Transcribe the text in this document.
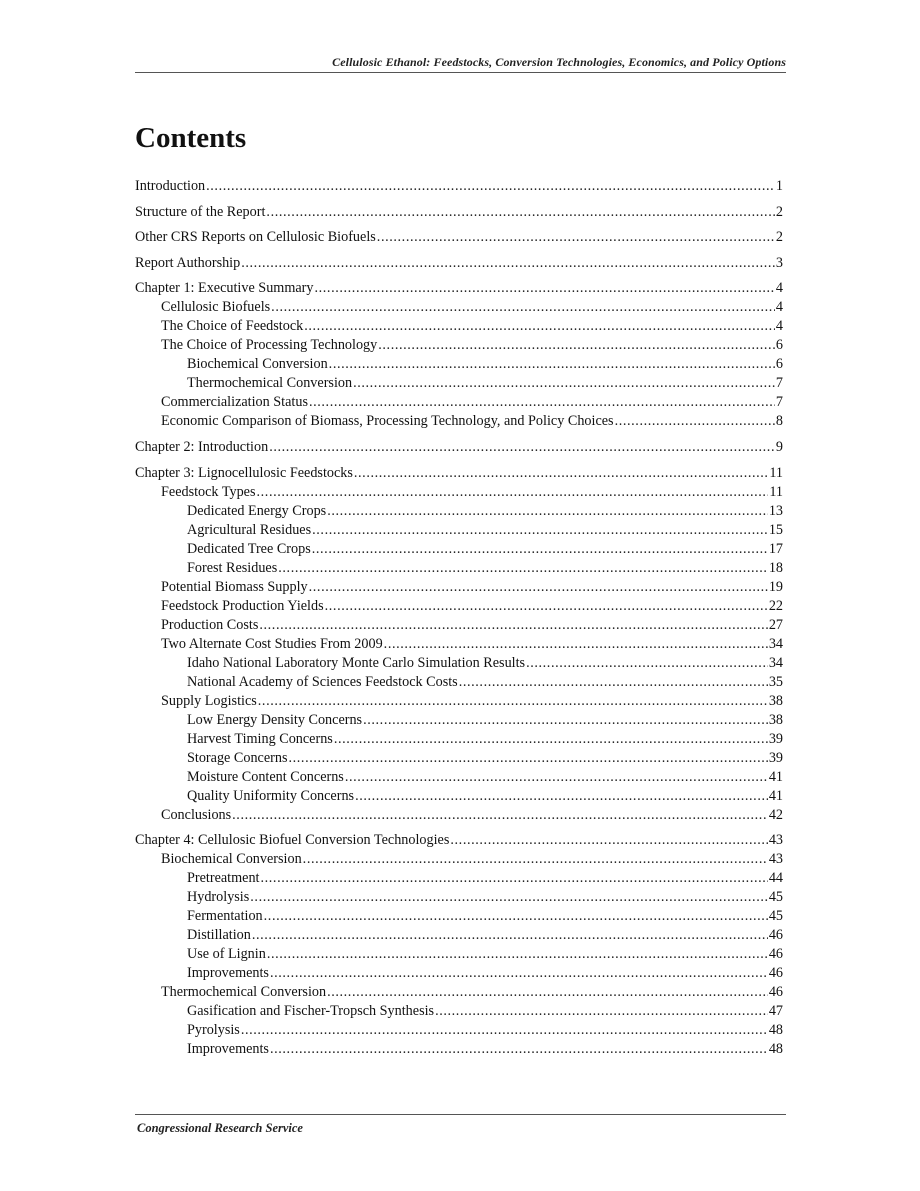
Cellulosic Ethanol: Feedstocks, Conversion Technologies, Economics, and Policy Options
Contents
Introduction .....	1
Structure of the Report .....	2
Other CRS Reports on Cellulosic Biofuels .....	2
Report Authorship .....	3
Chapter 1: Executive Summary .....	4
Cellulosic Biofuels .....	4
The Choice of Feedstock .....	4
The Choice of Processing Technology .....	6
Biochemical Conversion .....	6
Thermochemical Conversion .....	7
Commercialization Status .....	7
Economic Comparison of Biomass, Processing Technology, and Policy Choices .....	8
Chapter 2: Introduction .....	9
Chapter 3: Lignocellulosic Feedstocks .....	11
Feedstock Types .....	11
Dedicated Energy Crops .....	13
Agricultural Residues .....	15
Dedicated Tree Crops .....	17
Forest Residues .....	18
Potential Biomass Supply .....	19
Feedstock Production Yields .....	22
Production Costs .....	27
Two Alternate Cost Studies From 2009 .....	34
Idaho National Laboratory Monte Carlo Simulation Results .....	34
National Academy of Sciences Feedstock Costs .....	35
Supply Logistics .....	38
Low Energy Density Concerns .....	38
Harvest Timing Concerns .....	39
Storage Concerns .....	39
Moisture Content Concerns .....	41
Quality Uniformity Concerns .....	41
Conclusions .....	42
Chapter 4: Cellulosic Biofuel Conversion Technologies .....	43
Biochemical Conversion .....	43
Pretreatment .....	44
Hydrolysis .....	45
Fermentation .....	45
Distillation .....	46
Use of Lignin .....	46
Improvements .....	46
Thermochemical Conversion .....	46
Gasification and Fischer-Tropsch Synthesis .....	47
Pyrolysis .....	48
Improvements .....	48
Congressional Research Service
